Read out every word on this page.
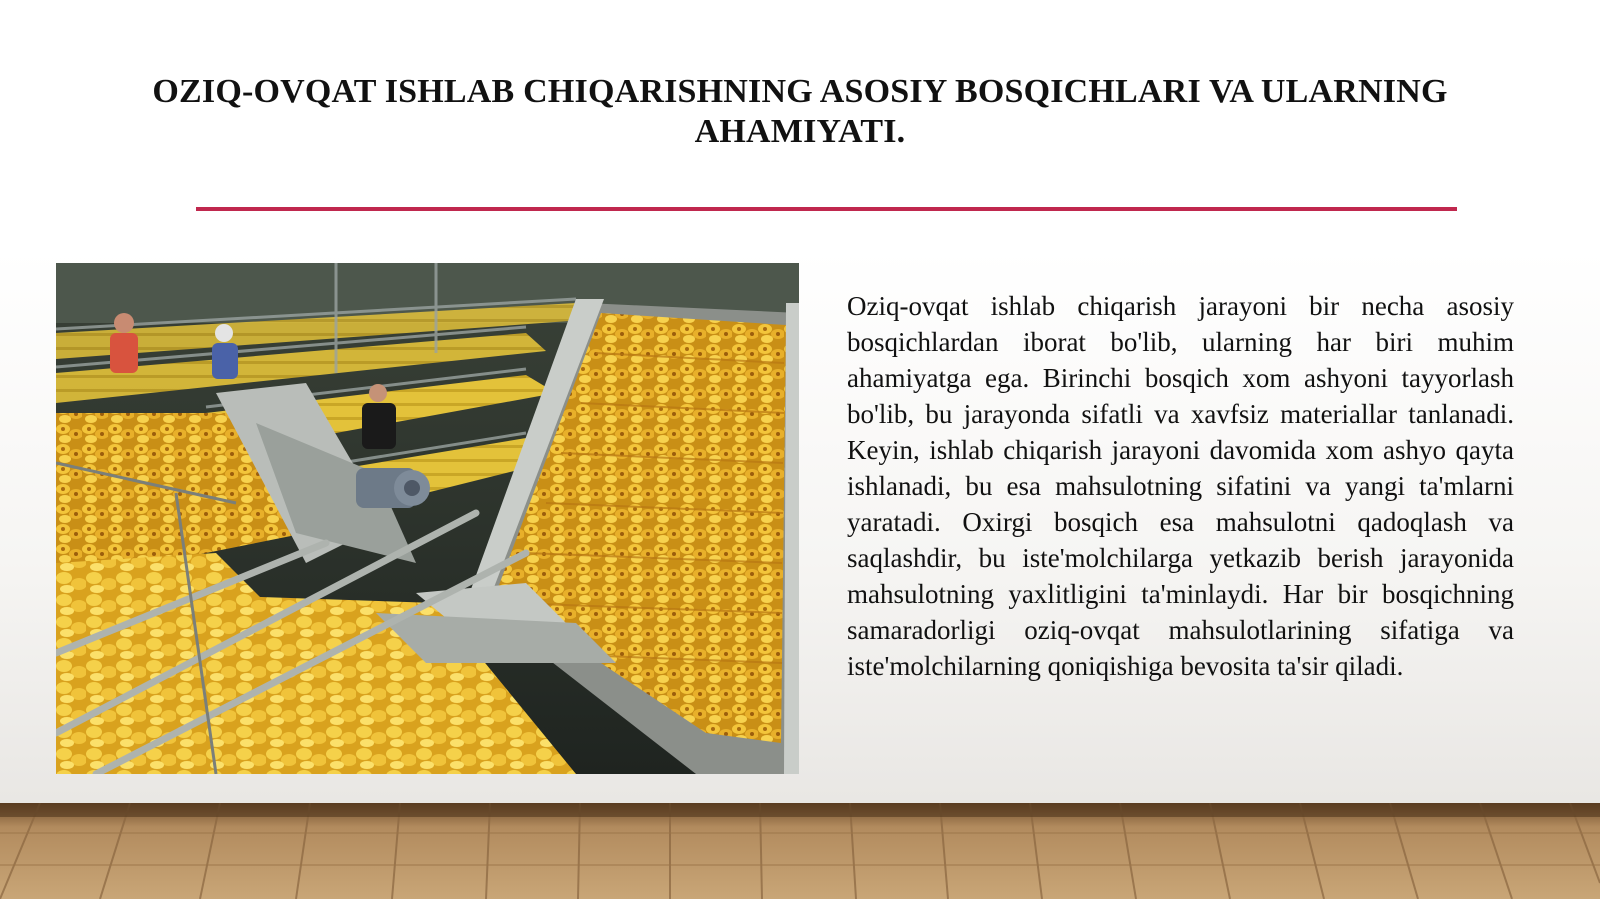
OZIQ-OVQAT ISHLAB CHIQARISHNING ASOSIY BOSQICHLARI VA ULARNING AHAMIYATI.

Oziq-ovqat ishlab chiqarish jarayoni bir necha asosiy bosqichlardan iborat bo'lib, ularning har biri muhim ahamiyatga ega. Birinchi bosqich xom ashyoni tayyorlash bo'lib, bu jarayonda sifatli va xavfsiz materiallar tanlanadi. Keyin, ishlab chiqarish jarayoni davomida xom ashyo qayta ishlanadi, bu esa mahsulotning sifatini va yangi ta'mlarni yaratadi. Oxirgi bosqich esa mahsulotni qadoqlash va saqlashdir, bu iste'molchilarga yetkazib berish jarayonida mahsulotning yaxlitligini ta'minlaydi. Har bir bosqichning samaradorligi oziq-ovqat mahsulotlarining sifatiga va iste'molchilarning qoniqishiga bevosita ta'sir qiladi.
